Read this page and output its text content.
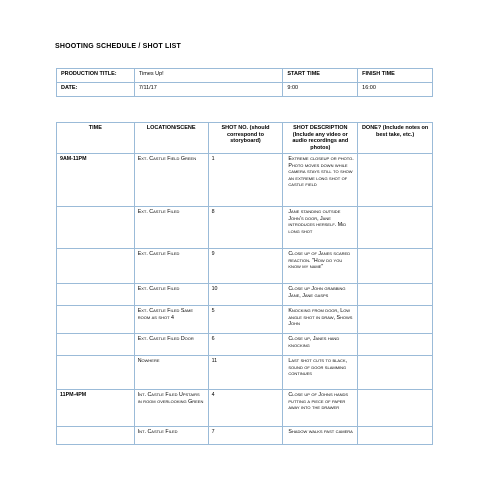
SHOOTING SCHEDULE / SHOT LIST
PRODUCTION TITLE:	Times Up!	START TIME	FINISH TIME
DATE:	7/11/17	9:00	16:00
TIME	LOCATION/SCENE	SHOT NO. (should correspond to storyboard)	SHOT DESCRIPTION (Include any video or audio recordings and photos)	DONE? (Include notes on best take, etc.)
9AM-11PM	Ext. Castle Field Green	1	Extreme closeup or photo. Photo moves down while camera stays still to show an extreme long shot of castle field	
	Ext. Castle Filed	8	Jane standing outside John's door, Jane introduces herself. Mid long shot	
	Ext. Castle Filed	9	Close up of Janes scared reaction. "How do you know my name"	
	Ext. Castle Filed	10	Close up John grabbing Jane, Jane gasps	
	Ext. Castle Filed Same room as shot 4	5	Knocking from door, Low angle shot in draw, Shows John	
	Ext. Castle Filed Door	6	Close up, Janes hand knocking	
	Nowhere	11	Last shot cuts to black, sound of door slamming continues	
11PM-4PM	Int. Castle Filed Upstairs in room overlooking Green	4	Close up of Johns hands putting a piece of paper away into the drawer	
	Int. Castle Filed	7	Shadow walks past camera	
